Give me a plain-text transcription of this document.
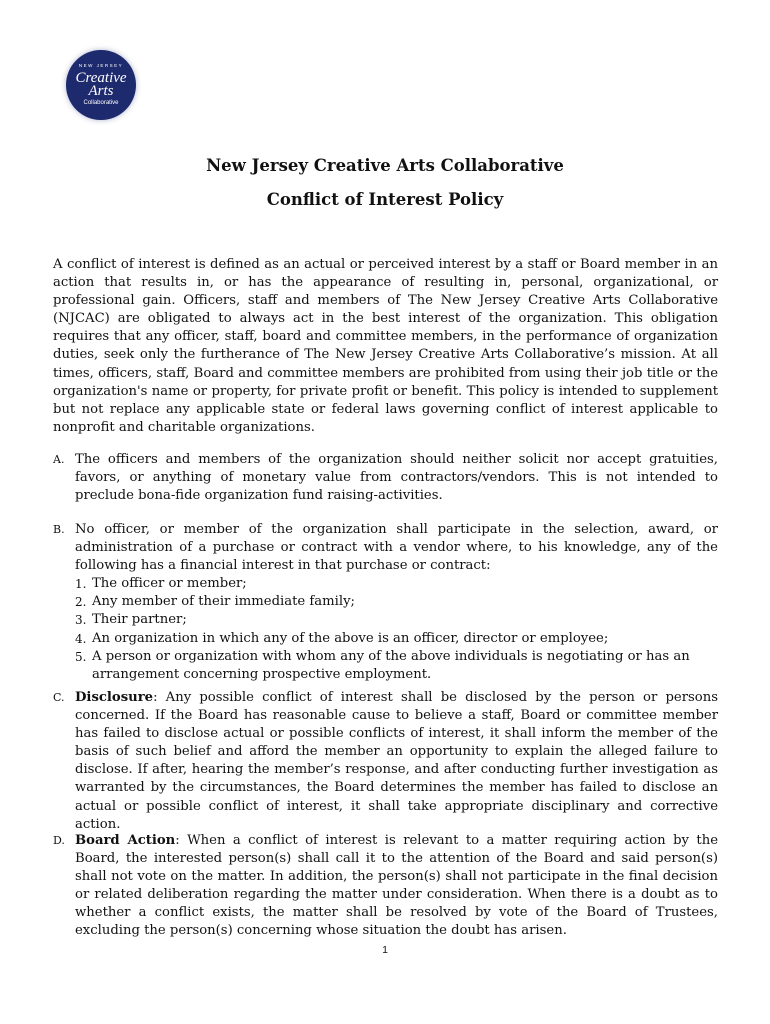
NEW JERSEY
Creative
Arts
Collaborative
New Jersey Creative Arts Collaborative
Conflict of Interest Policy
A conflict of interest is defined as an actual or perceived interest by a staff or Board member in an action that results in, or has the appearance of resulting in, personal, organizational, or professional gain. Officers, staff and members of The New Jersey Creative Arts Collaborative (NJCAC) are obligated to always act in the best interest of the organization. This obligation requires that any officer, staff, board and committee members, in the performance of organization duties, seek only the furtherance of The New Jersey Creative Arts Collaborative’s mission. At all times, officers, staff, Board and committee members are prohibited from using their job title or the organization's name or property, for private profit or benefit. This policy is intended to supplement but not replace any applicable state or federal laws governing conflict of interest applicable to nonprofit and charitable organizations.
A. The officers and members of the organization should neither solicit nor accept gratuities, favors, or anything of monetary value from contractors/vendors. This is not intended to preclude bona-fide organization fund raising-activities.
B. No officer, or member of the organization shall participate in the selection, award, or administration of a purchase or contract with a vendor where, to his knowledge, any of the following has a financial interest in that purchase or contract:
1. The officer or member;
2. Any member of their immediate family;
3. Their partner;
4. An organization in which any of the above is an officer, director or employee;
5. A person or organization with whom any of the above individuals is negotiating or has an arrangement concerning prospective employment.
C. Disclosure: Any possible conflict of interest shall be disclosed by the person or persons concerned. If the Board has reasonable cause to believe a staff, Board or committee member has failed to disclose actual or possible conflicts of interest, it shall inform the member of the basis of such belief and afford the member an opportunity to explain the alleged failure to disclose. If after, hearing the member’s response, and after conducting further investigation as warranted by the circumstances, the Board determines the member has failed to disclose an actual or possible conflict of interest, it shall take appropriate disciplinary and corrective action.
D. Board Action: When a conflict of interest is relevant to a matter requiring action by the Board, the interested person(s) shall call it to the attention of the Board and said person(s) shall not vote on the matter. In addition, the person(s) shall not participate in the final decision or related deliberation regarding the matter under consideration. When there is a doubt as to whether a conflict exists, the matter shall be resolved by vote of the Board of Trustees, excluding the person(s) concerning whose situation the doubt has arisen.
1
